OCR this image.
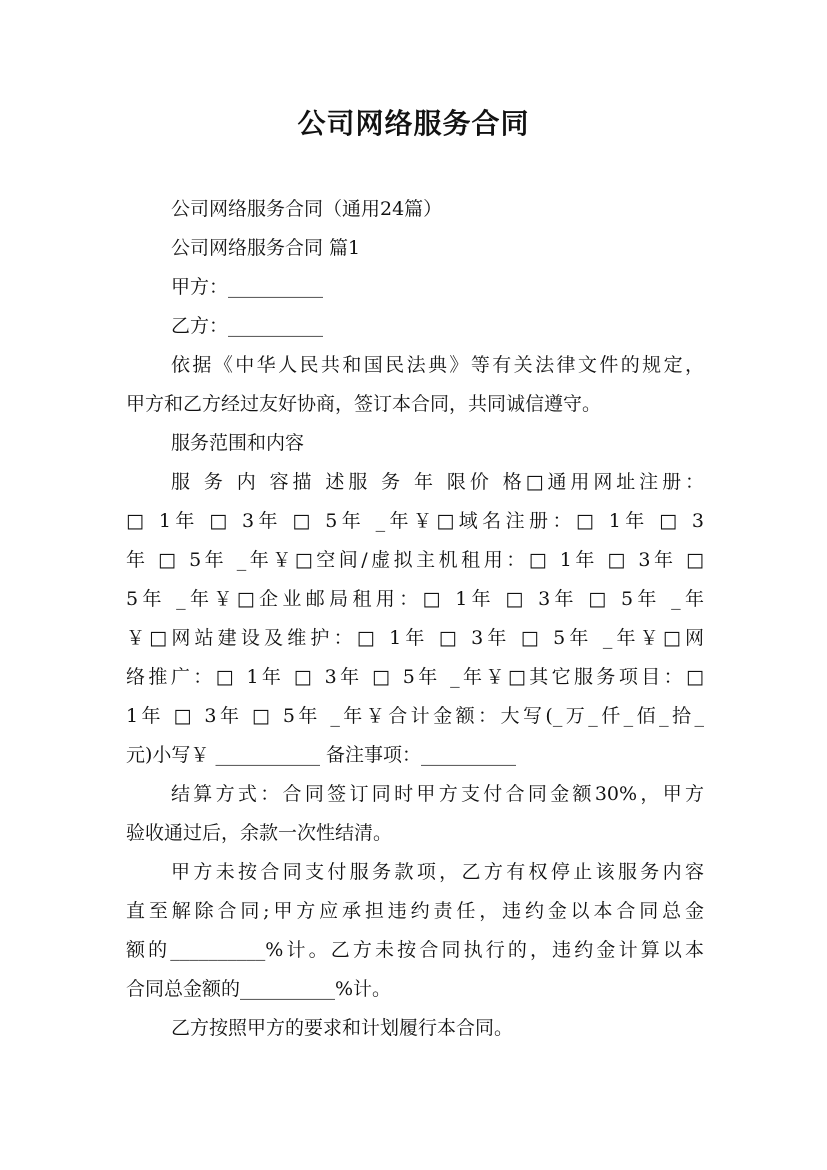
公司网络服务合同
公司网络服务合同（通用24篇）
公司网络服务合同 篇1
甲方：__________
乙方：__________
依据《中华人民共和国民法典》等有关法律文件的规定，
甲方和乙方经过友好协商，签订本合同，共同诚信遵守。
服务范围和内容
服 务 内 容描 述服 务 年 限价 格□通用网址注册：
□ 1年 □ 3年 □ 5年 _年￥□域名注册：□ 1年 □ 3
年 □ 5年 _年￥□空间/虚拟主机租用：□ 1年 □ 3年 □
5年 _年￥□企业邮局租用：□ 1年 □ 3年 □ 5年 _年
￥□网站建设及维护：□ 1年 □ 3年 □ 5年 _年￥□网
络推广：□ 1年 □ 3年 □ 5年 _年￥□其它服务项目：□
1年 □ 3年 □ 5年 _年￥合计金额：大写(_万_仟_佰_拾_
元)小写￥ ___________ 备注事项：__________
结算方式：合同签订同时甲方支付合同金额30%，甲方
验收通过后，余款一次性结清。
甲方未按合同支付服务款项，乙方有权停止该服务内容
直至解除合同;甲方应承担违约责任，违约金以本合同总金
额的__________%计。乙方未按合同执行的，违约金计算以本
合同总金额的__________%计。
乙方按照甲方的要求和计划履行本合同。
